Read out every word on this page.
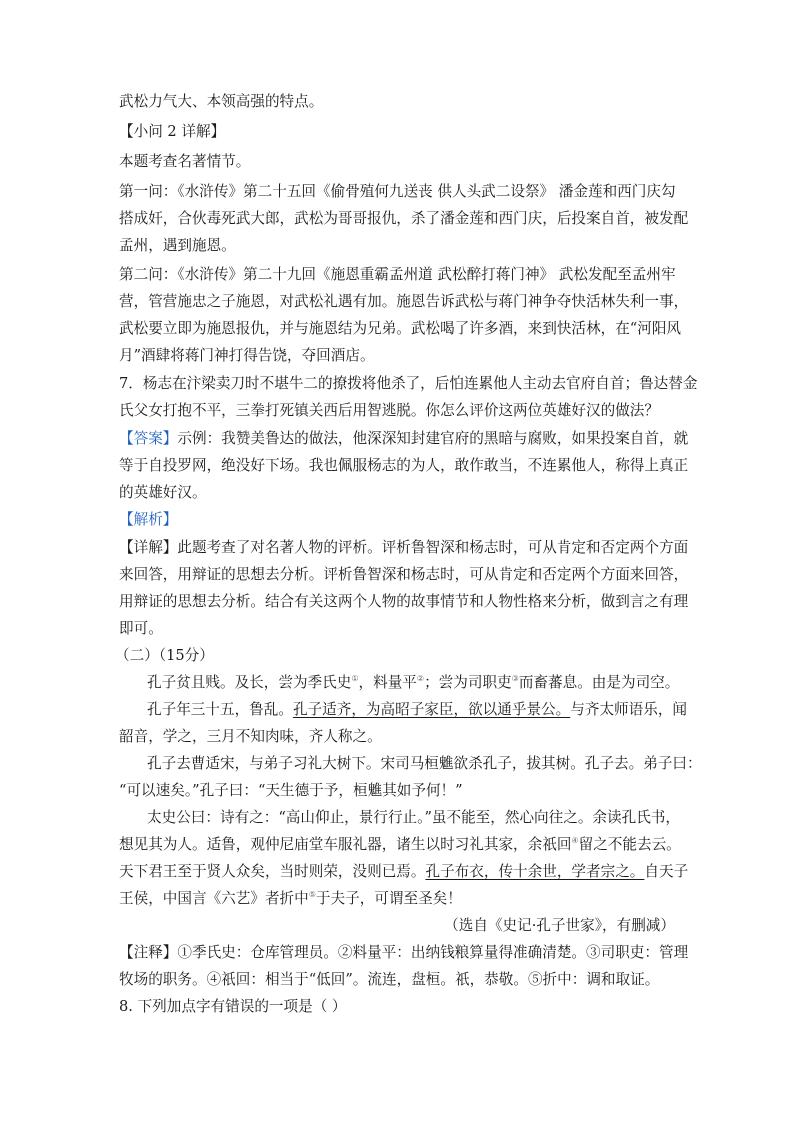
武松力气大、本领高强的特点。
【小问 2 详解】
本题考查名著情节。
第一问：《水浒传》第二十五回《偷骨殖何九送丧 供人头武二设祭》 潘金莲和西门庆勾
搭成奸，合伙毒死武大郎，武松为哥哥报仇，杀了潘金莲和西门庆，后投案自首，被发配
孟州，遇到施恩。
第二问：《水浒传》第二十九回《施恩重霸孟州道 武松醉打蒋门神》 武松发配至孟州牢
营，管营施忠之子施恩，对武松礼遇有加。施恩告诉武松与蒋门神争夺快活林失利一事，
武松要立即为施恩报仇，并与施恩结为兄弟。武松喝了许多酒，来到快活林，在“河阳风
月”酒肆将蒋门神打得告饶，夺回酒店。
7．杨志在汴梁卖刀时不堪牛二的撩拨将他杀了，后怕连累他人主动去官府自首；鲁达替金
氏父女打抱不平，三拳打死镇关西后用智逃脱。你怎么评价这两位英雄好汉的做法？
【答案】示例：我赞美鲁达的做法，他深深知封建官府的黑暗与腐败，如果投案自首，就
等于自投罗网，绝没好下场。我也佩服杨志的为人，敢作敢当，不连累他人，称得上真正
的英雄好汉。
【解析】
【详解】此题考查了对名著人物的评析。评析鲁智深和杨志时，可从肯定和否定两个方面
来回答，用辩证的思想去分析。评析鲁智深和杨志时，可从肯定和否定两个方面来回答，
用辩证的思想去分析。结合有关这两个人物的故事情节和人物性格来分析，做到言之有理
即可。
（二）（15分）
孔子贫且贱。及长，尝为季氏史①，料量平②；尝为司职吏③而畜蕃息。由是为司空。
孔子年三十五，鲁乱。孔子适齐，为高昭子家臣，欲以通乎景公。与齐太师语乐，闻
韶音，学之，三月不知肉味，齐人称之。
孔子去曹适宋，与弟子习礼大树下。宋司马桓魋欲杀孔子，拔其树。孔子去。弟子曰：
“可以速矣。”孔子曰：“天生德于予，桓魋其如予何！”
太史公曰：诗有之：“高山仰止，景行行止。”虽不能至，然心向往之。余读孔氏书，
想见其为人。适鲁，观仲尼庙堂车服礼器，诸生以时习礼其家，余祇回④留之不能去云。
天下君王至于贤人众矣，当时则荣，没则已焉。孔子布衣，传十余世，学者宗之。自天子
王侯，中国言《六艺》者折中⑤于夫子，可谓至圣矣！
（选自《史记·孔子世家》，有删减）
【注释】①季氏史：仓库管理员。②料量平：出纳钱粮算量得准确清楚。③司职吏：管理
牧场的职务。④祇回：相当于“低回”。流连，盘桓。祇，恭敬。⑤折中：调和取证。
8. 下列加点字有错误的一项是（ ）
